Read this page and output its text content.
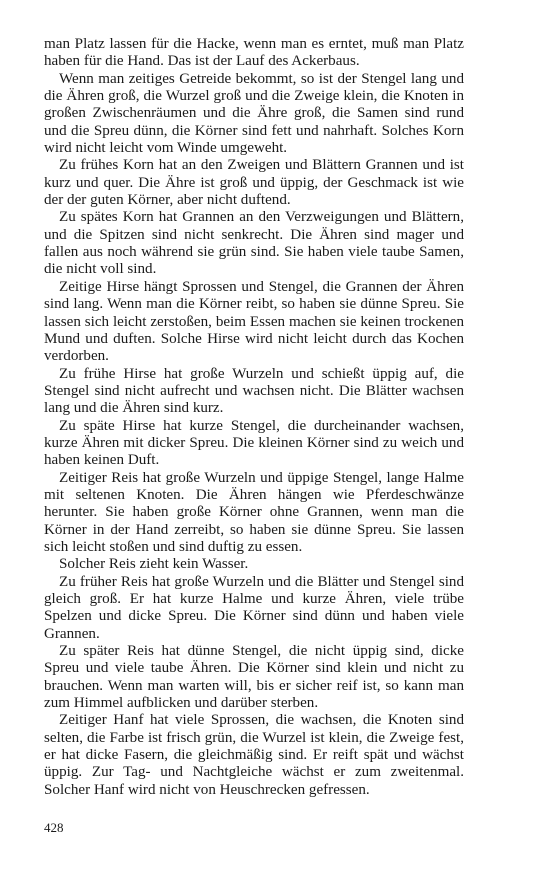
man Platz lassen für die Hacke, wenn man es erntet, muß man Platz haben für die Hand. Das ist der Lauf des Ackerbaus.

Wenn man zeitiges Getreide bekommt, so ist der Stengel lang und die Ähren groß, die Wurzel groß und die Zweige klein, die Knoten in großen Zwischenräumen und die Ähre groß, die Samen sind rund und die Spreu dünn, die Körner sind fett und nahrhaft. Solches Korn wird nicht leicht vom Winde umgeweht.

Zu frühes Korn hat an den Zweigen und Blättern Grannen und ist kurz und quer. Die Ähre ist groß und üppig, der Geschmack ist wie der der guten Körner, aber nicht duftend.

Zu spätes Korn hat Grannen an den Verzweigungen und Blättern, und die Spitzen sind nicht senkrecht. Die Ähren sind mager und fallen aus noch während sie grün sind. Sie haben viele taube Samen, die nicht voll sind.

Zeitige Hirse hängt Sprossen und Stengel, die Grannen der Ähren sind lang. Wenn man die Körner reibt, so haben sie dünne Spreu. Sie lassen sich leicht zerstoßen, beim Essen machen sie keinen trockenen Mund und duften. Solche Hirse wird nicht leicht durch das Kochen verdorben.

Zu frühe Hirse hat große Wurzeln und schießt üppig auf, die Stengel sind nicht aufrecht und wachsen nicht. Die Blätter wachsen lang und die Ähren sind kurz.

Zu späte Hirse hat kurze Stengel, die durcheinander wachsen, kurze Ähren mit dicker Spreu. Die kleinen Körner sind zu weich und haben keinen Duft.

Zeitiger Reis hat große Wurzeln und üppige Stengel, lange Halme mit seltenen Knoten. Die Ähren hängen wie Pferdeschwänze herunter. Sie haben große Körner ohne Grannen, wenn man die Körner in der Hand zerreibt, so haben sie dünne Spreu. Sie lassen sich leicht stoßen und sind duftig zu essen.

Solcher Reis zieht kein Wasser.

Zu früher Reis hat große Wurzeln und die Blätter und Stengel sind gleich groß. Er hat kurze Halme und kurze Ähren, viele trübe Spelzen und dicke Spreu. Die Körner sind dünn und haben viele Grannen.

Zu später Reis hat dünne Stengel, die nicht üppig sind, dicke Spreu und viele taube Ähren. Die Körner sind klein und nicht zu brauchen. Wenn man warten will, bis er sicher reif ist, so kann man zum Himmel aufblicken und darüber sterben.

Zeitiger Hanf hat viele Sprossen, die wachsen, die Knoten sind selten, die Farbe ist frisch grün, die Wurzel ist klein, die Zweige fest, er hat dicke Fasern, die gleichmäßig sind. Er reift spät und wächst üppig. Zur Tag- und Nachtgleiche wächst er zum zweitenmal. Solcher Hanf wird nicht von Heuschrecken gefressen.

428
